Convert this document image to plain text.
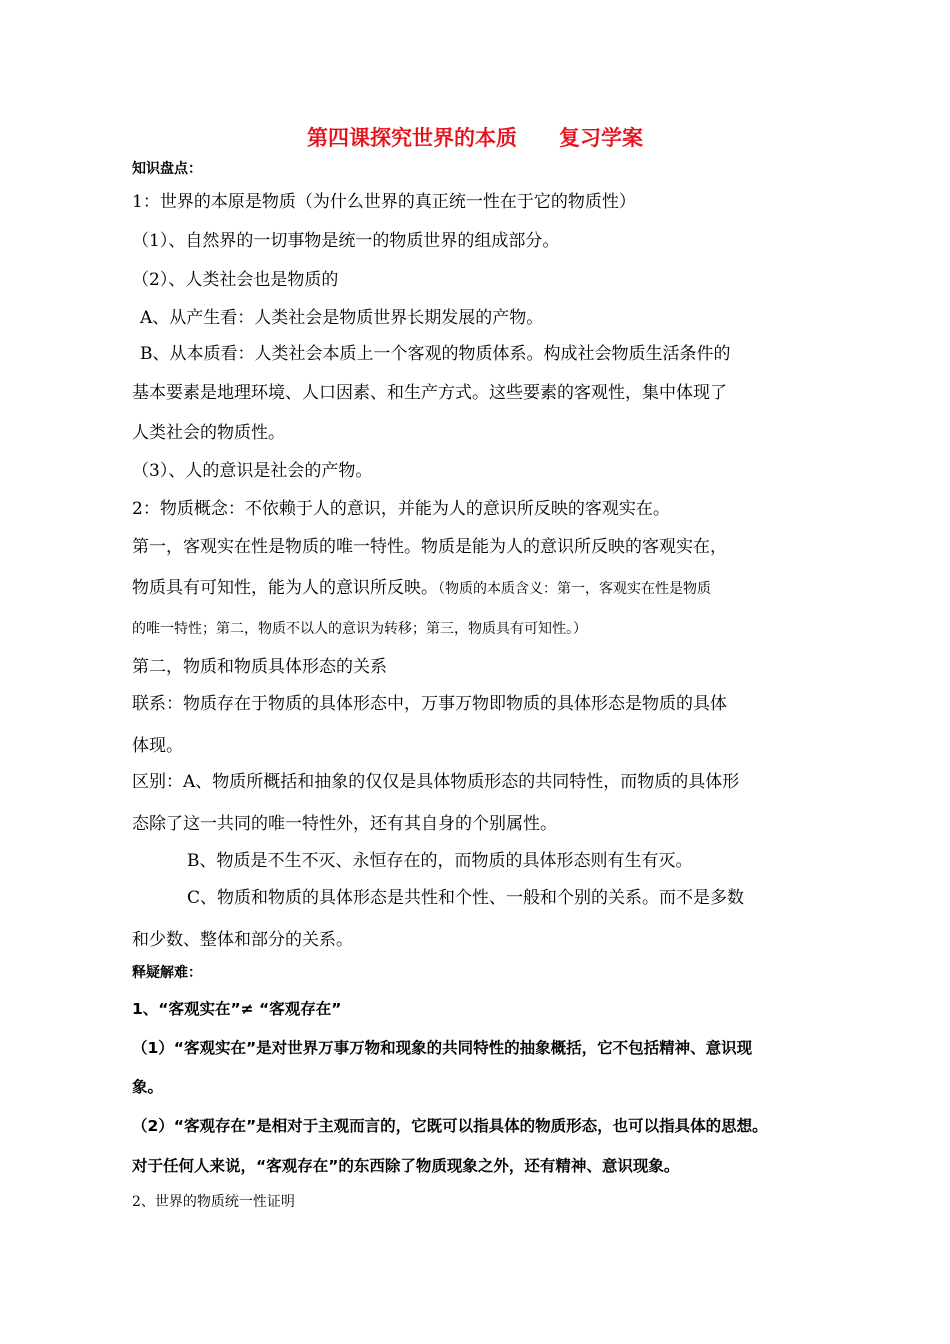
第四课探究世界的本质　　复习学案
知识盘点：
1：世界的本原是物质（为什么世界的真正统一性在于它的物质性）
（1）、自然界的一切事物是统一的物质世界的组成部分。
（2）、人类社会也是物质的
A、从产生看：人类社会是物质世界长期发展的产物。
B、从本质看：人类社会本质上一个客观的物质体系。构成社会物质生活条件的
基本要素是地理环境、人口因素、和生产方式。这些要素的客观性，集中体现了
人类社会的物质性。
（3）、人的意识是社会的产物。
2：物质概念：不依赖于人的意识，并能为人的意识所反映的客观实在。
第一，客观实在性是物质的唯一特性。物质是能为人的意识所反映的客观实在，
物质具有可知性，能为人的意识所反映。（物质的本质含义：第一，客观实在性是物质
的唯一特性；第二，物质不以人的意识为转移；第三，物质具有可知性。）
第二，物质和物质具体形态的关系
联系：物质存在于物质的具体形态中，万事万物即物质的具体形态是物质的具体
体现。
区别：A、物质所概括和抽象的仅仅是具体物质形态的共同特性，而物质的具体形
态除了这一共同的唯一特性外，还有其自身的个别属性。
B、物质是不生不灭、永恒存在的，而物质的具体形态则有生有灭。
C、物质和物质的具体形态是共性和个性、一般和个别的关系。而不是多数
和少数、整体和部分的关系。
释疑解难：
1、“客观实在”≠ “客观存在”
（1）“客观实在”是对世界万事万物和现象的共同特性的抽象概括，它不包括精神、意识现
象。
（2）“客观存在”是相对于主观而言的，它既可以指具体的物质形态，也可以指具体的思想。
对于任何人来说，“客观存在”的东西除了物质现象之外，还有精神、意识现象。
2、世界的物质统一性证明
